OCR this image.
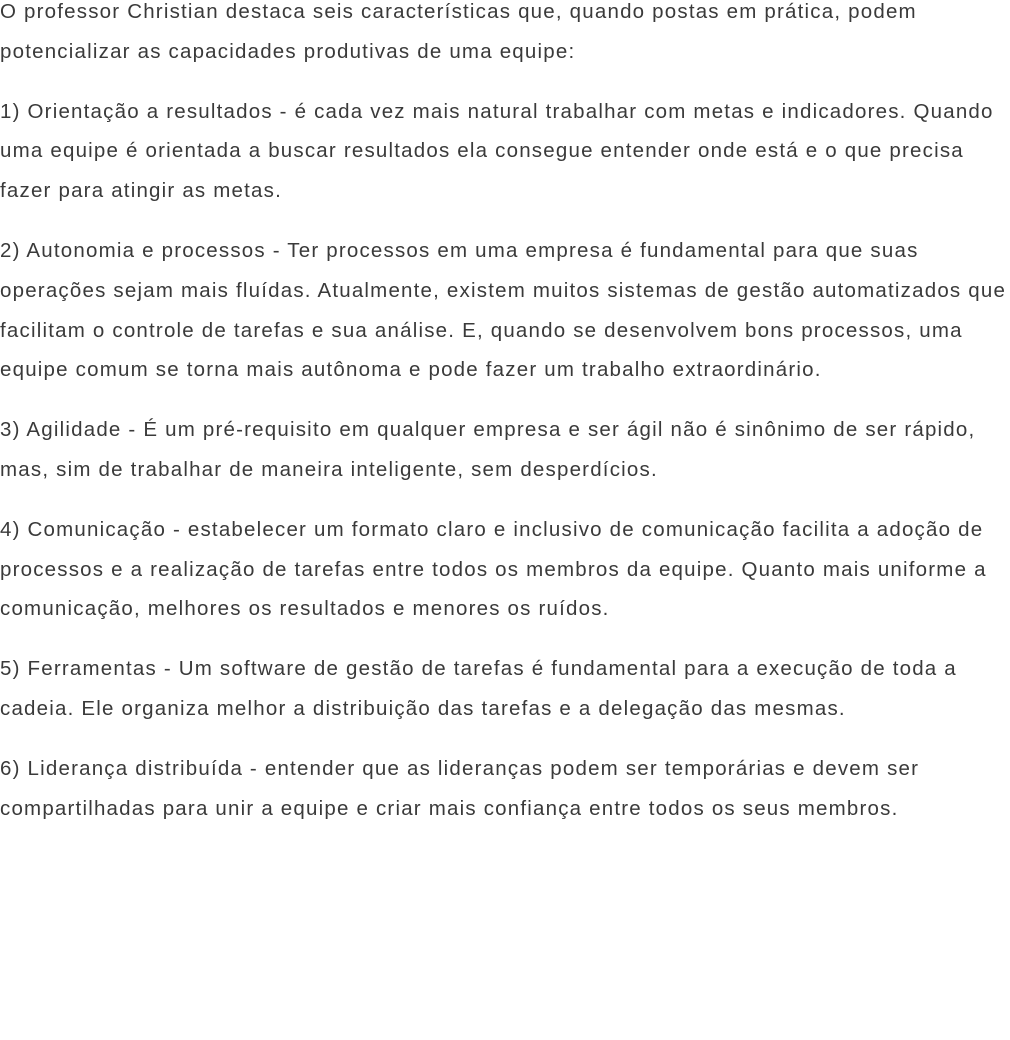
O professor Christian destaca seis características que, quando postas em prática, podem potencializar as capacidades produtivas de uma equipe:

1) Orientação a resultados - é cada vez mais natural trabalhar com metas e indicadores. Quando uma equipe é orientada a buscar resultados ela consegue entender onde está e o que precisa fazer para atingir as metas.

2) Autonomia e processos - Ter processos em uma empresa é fundamental para que suas operações sejam mais fluídas. Atualmente, existem muitos sistemas de gestão automatizados que facilitam o controle de tarefas e sua análise. E, quando se desenvolvem bons processos, uma equipe comum se torna mais autônoma e pode fazer um trabalho extraordinário.

3) Agilidade - É um pré-requisito em qualquer empresa e ser ágil não é sinônimo de ser rápido, mas, sim de trabalhar de maneira inteligente, sem desperdícios.

4) Comunicação - estabelecer um formato claro e inclusivo de comunicação facilita a adoção de processos e a realização de tarefas entre todos os membros da equipe. Quanto mais uniforme a comunicação, melhores os resultados e menores os ruídos.

5) Ferramentas - Um software de gestão de tarefas é fundamental para a execução de toda a cadeia. Ele organiza melhor a distribuição das tarefas e a delegação das mesmas.

6) Liderança distribuída - entender que as lideranças podem ser temporárias e devem ser compartilhadas para unir a equipe e criar mais confiança entre todos os seus membros.
